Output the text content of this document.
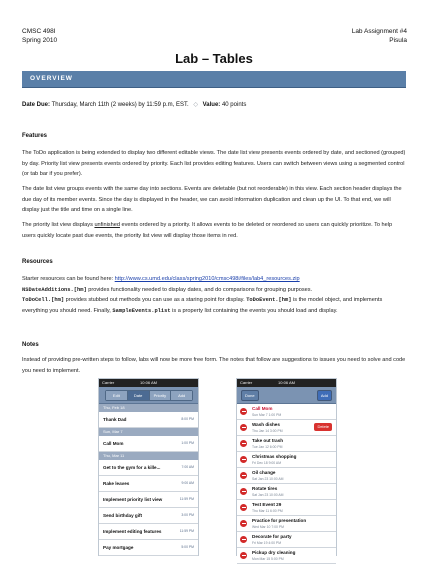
CMSC 498I
Spring 2010
Lab Assignment #4
Pisula
Lab – Tables
OVERVIEW
Date Due: Thursday, March 11th (2 weeks) by 11:59 p.m, EST. ◇ Value: 40 points
Features
The ToDo application is being extended to display two different editable views. The date list view presents events ordered by date, and sectioned (grouped) by day. Priority list view presents events ordered by priority. Each list provides editing features. Users can switch between views using a segmented control (or tab bar if you prefer).
The date list view groups events with the same day into sections. Events are deletable (but not reorderable) in this view. Each section header displays the due day of its member events. Since the day is displayed in the header, we can avoid information duplication and clean up the UI. To that end, we will display just the title and time on a single line.
The priority list view displays unfinished events ordered by a priority. It allows events to be deleted or reordered so users can quickly prioritize. To help users quickly locate past due events, the priority list view will display those items in red.
Resources
Starter resources can be found here: http://www.cs.umd.edu/class/spring2010/cmsc498i/files/lab4_resources.zip
NSDateAdditions.[hm] provides functionality needed to display dates, and do comparisons for grouping purposes.
ToDoCell.[hm] provides stubbed out methods you can use as a staring point for display. ToDoEvent.[hm] is the model object, and implements everything you should need. Finally, SampleEvents.plist is a property list containing the events you should load and display.
Notes
Instead of providing pre-written steps to follow, labs will now be more free form. The notes that follow are suggestions to issues you need to solve and code you need to implement.
Carrier	10:06 AM
Edit	Date	Priority	Add
Thu, Feb 18
Thank Dad	8:00 PM
Sun, Mar 7
Call Mom	1:00 PM
Thu, Mar 11
Get to the gym for a kille...	7:00 AM
Rake leaves	9:00 AM
Implement priority list view	11:59 PM
Send birthday gift	3:00 PM
Implement editing features	11:59 PM
Pay mortgage	5:00 PM
Carrier	10:06 AM
Done	Add
Call Mom
Sun Mar 7 1:00 PM
Wash dishes
Thu Jan 14 3:00 PM
Delete
Take out trash
Tue Jan 12 6:00 PM
Christmas shopping
Fri Dec 18 9:00 AM
Oil change
Sat Jan 23 10:00 AM
Rotate tires
Sat Jan 23 10:00 AM
Test Event 29
Thu Mar 11 6:00 PM
Practice for presentation
Wed Mar 10 7:00 PM
Decorate for party
Fri Mar 19 4:00 PM
Pickup dry cleaning
Mon Mar 15 5:00 PM
